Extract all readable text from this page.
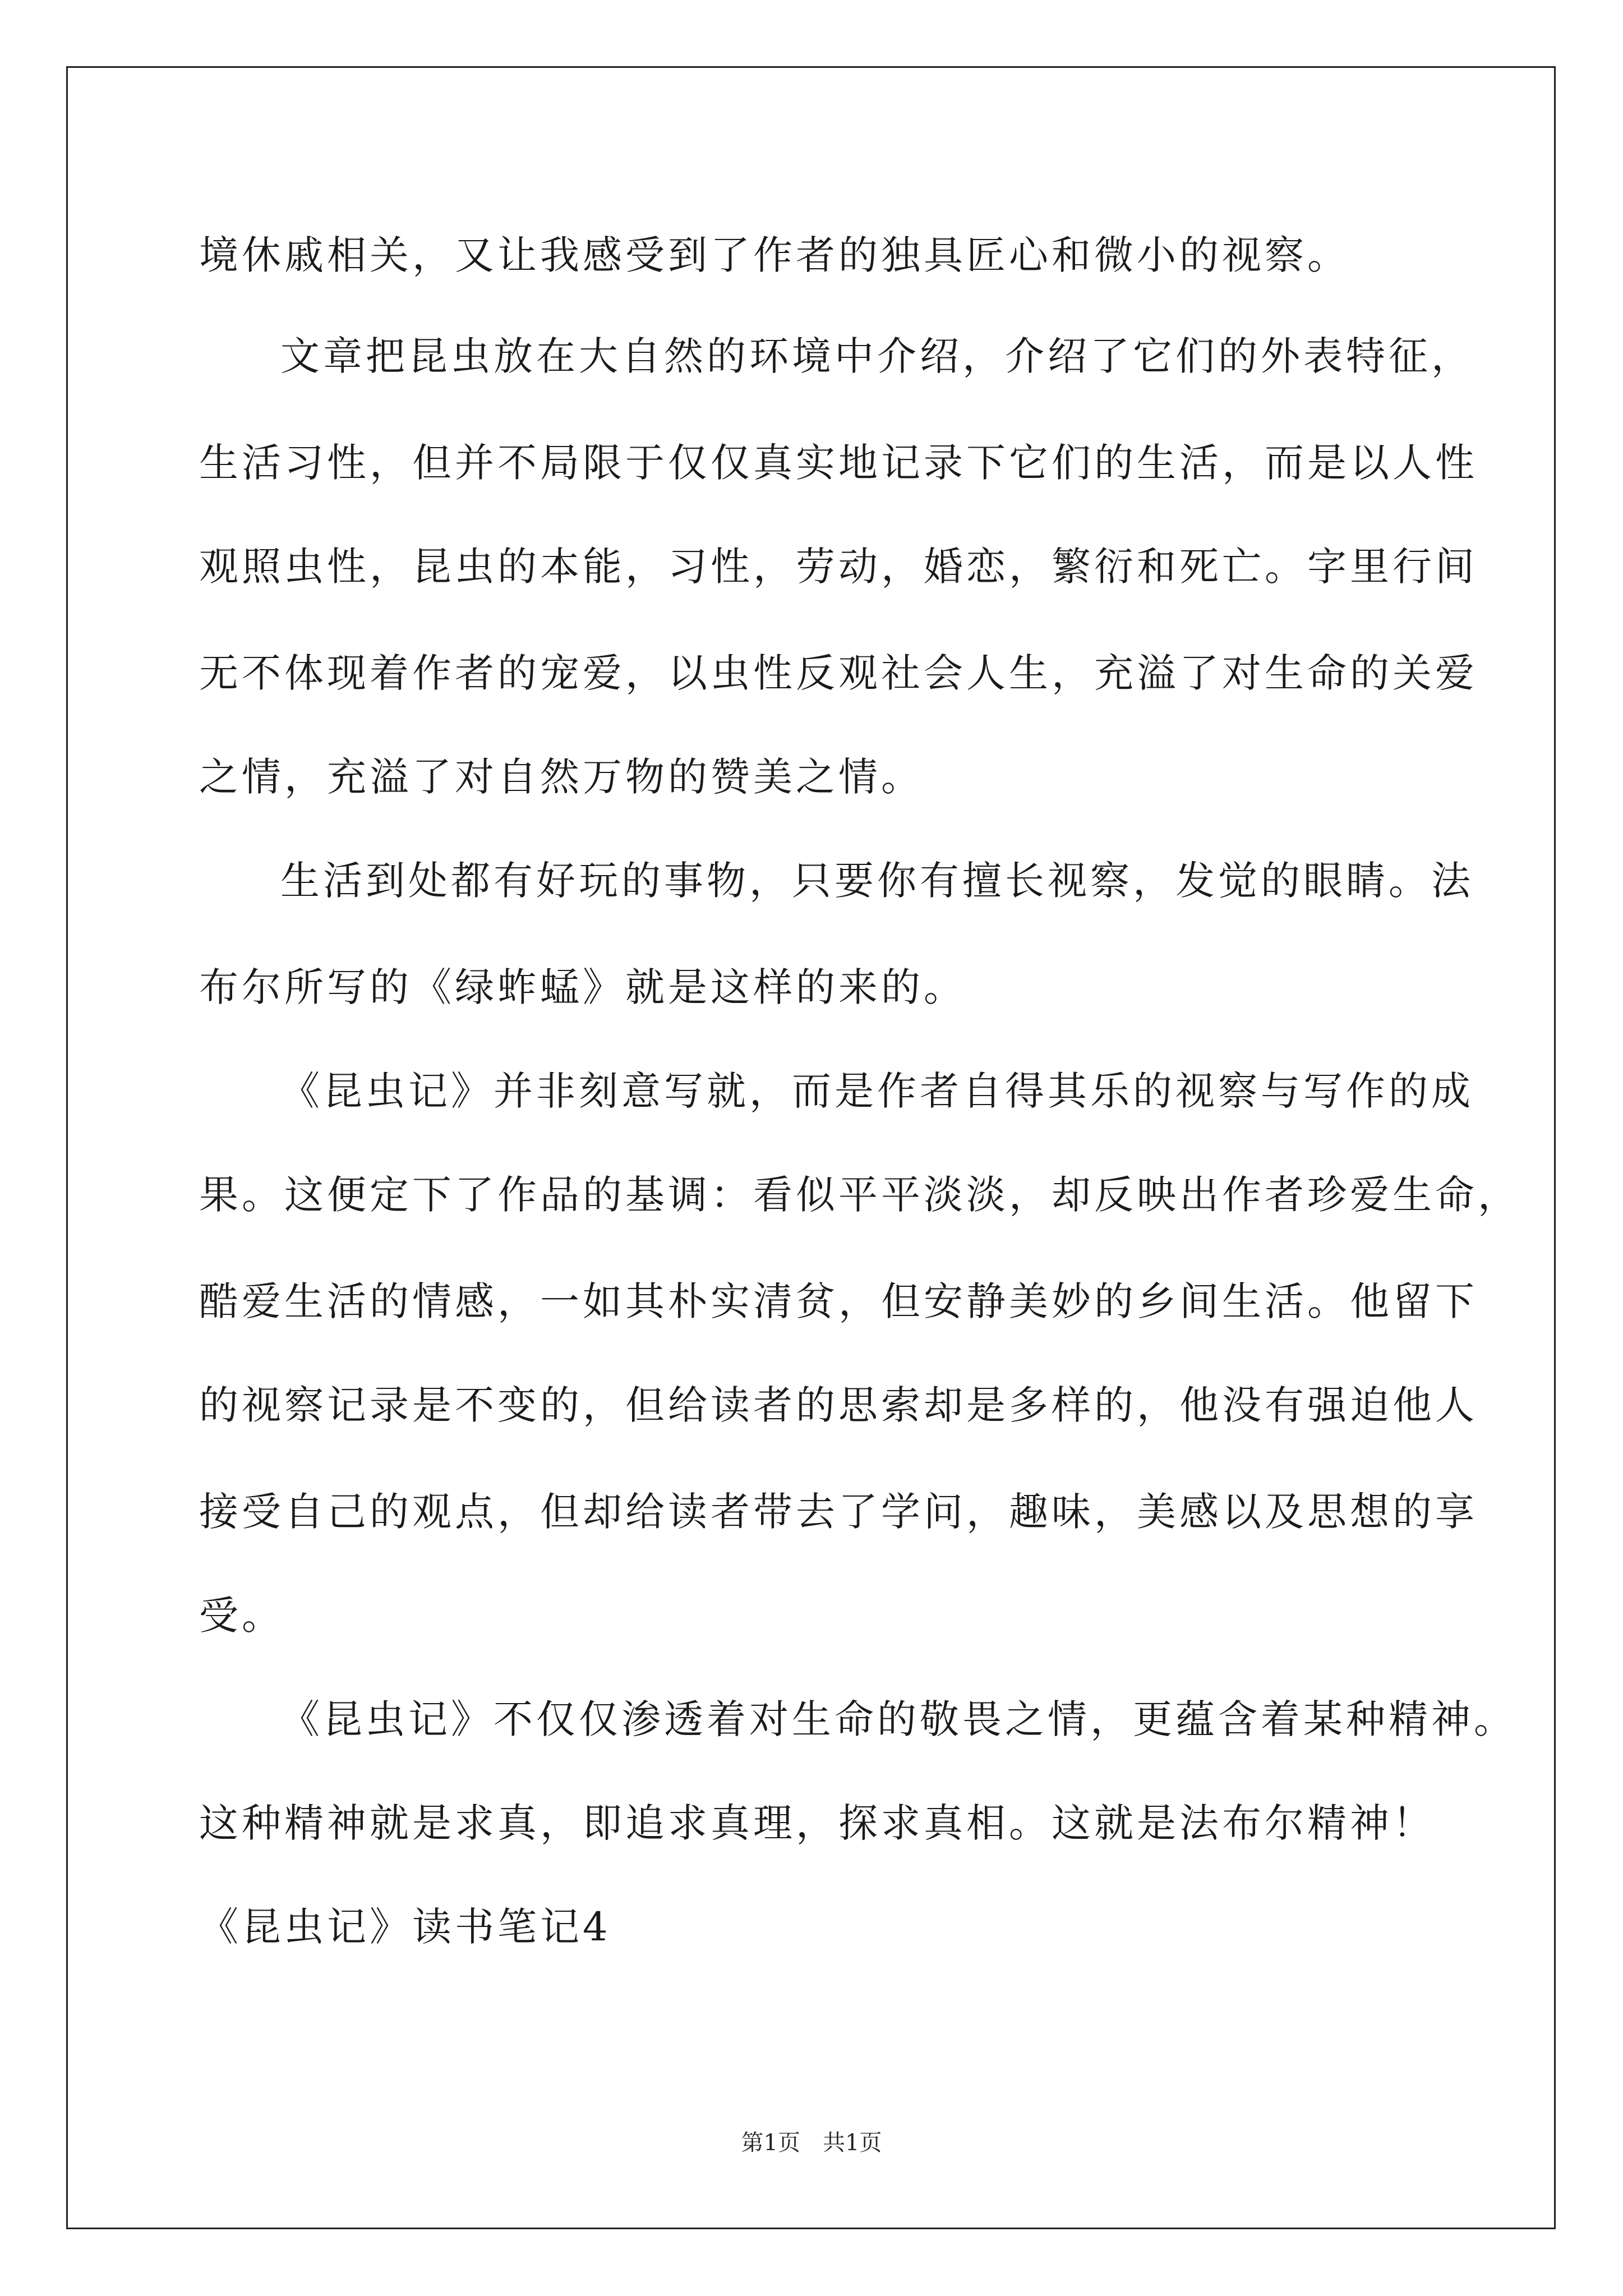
境休戚相关，又让我感受到了作者的独具匠心和微小的视察。
文章把昆虫放在大自然的环境中介绍，介绍了它们的外表特征，
生活习性，但并不局限于仅仅真实地记录下它们的生活，而是以人性
观照虫性，昆虫的本能，习性，劳动，婚恋，繁衍和死亡。字里行间
无不体现着作者的宠爱，以虫性反观社会人生，充溢了对生命的关爱
之情，充溢了对自然万物的赞美之情。
生活到处都有好玩的事物，只要你有擅长视察，发觉的眼睛。法
布尔所写的《绿蚱蜢》就是这样的来的。
《昆虫记》并非刻意写就，而是作者自得其乐的视察与写作的成
果。这便定下了作品的基调：看似平平淡淡，却反映出作者珍爱生命，
酷爱生活的情感，一如其朴实清贫，但安静美妙的乡间生活。他留下
的视察记录是不变的，但给读者的思索却是多样的，他没有强迫他人
接受自己的观点，但却给读者带去了学问，趣味，美感以及思想的享
受。
《昆虫记》不仅仅渗透着对生命的敬畏之情，更蕴含着某种精神。
这种精神就是求真，即追求真理，探求真相。这就是法布尔精神！
《昆虫记》读书笔记4
第1页　共1页
